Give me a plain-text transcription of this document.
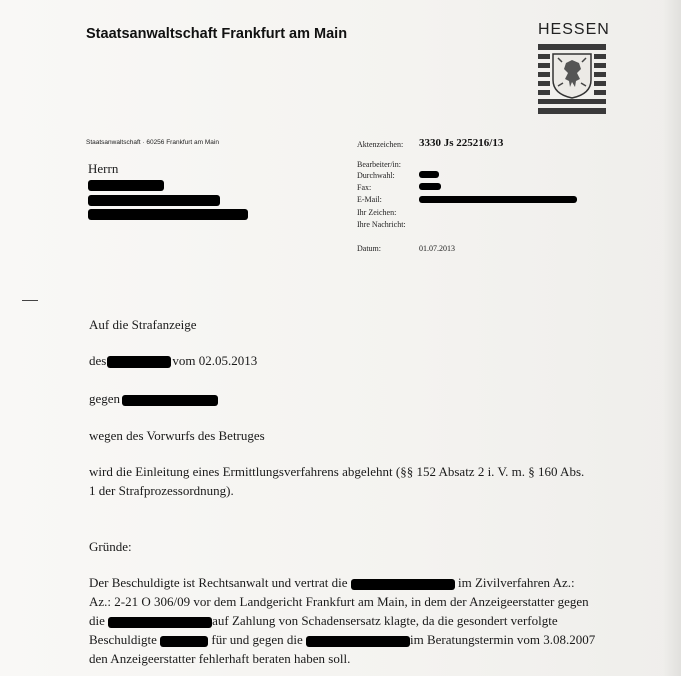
Staatsanwaltschaft Frankfurt am Main	HESSEN
Staatsanwaltschaft · 60256 Frankfurt am Main
Herrn
Aktenzeichen: 3330 Js 225216/13
Bearbeiter/in:
Durchwahl:
Fax:
E-Mail:
Ihr Zeichen:
Ihre Nachricht:
Datum:	01.07.2013
Auf die Strafanzeige
des	vom 02.05.2013
gegen
wegen des Vorwurfs des Betruges
wird die Einleitung eines Ermittlungsverfahrens abgelehnt (§§ 152 Absatz 2 i. V. m. § 160 Abs.
1 der Strafprozessordnung).
Gründe:
Der Beschuldigte ist Rechtsanwalt und vertrat die	im Zivilverfahren Az.:
Az.: 2-21 O 306/09 vor dem Landgericht Frankfurt am Main, in dem der Anzeigeerstatter gegen
die	auf Zahlung von Schadensersatz klagte, da die gesondert verfolgte
Beschuldigte	für und gegen die	im Beratungstermin vom 3.08.2007
den Anzeigeerstatter fehlerhaft beraten haben soll.
